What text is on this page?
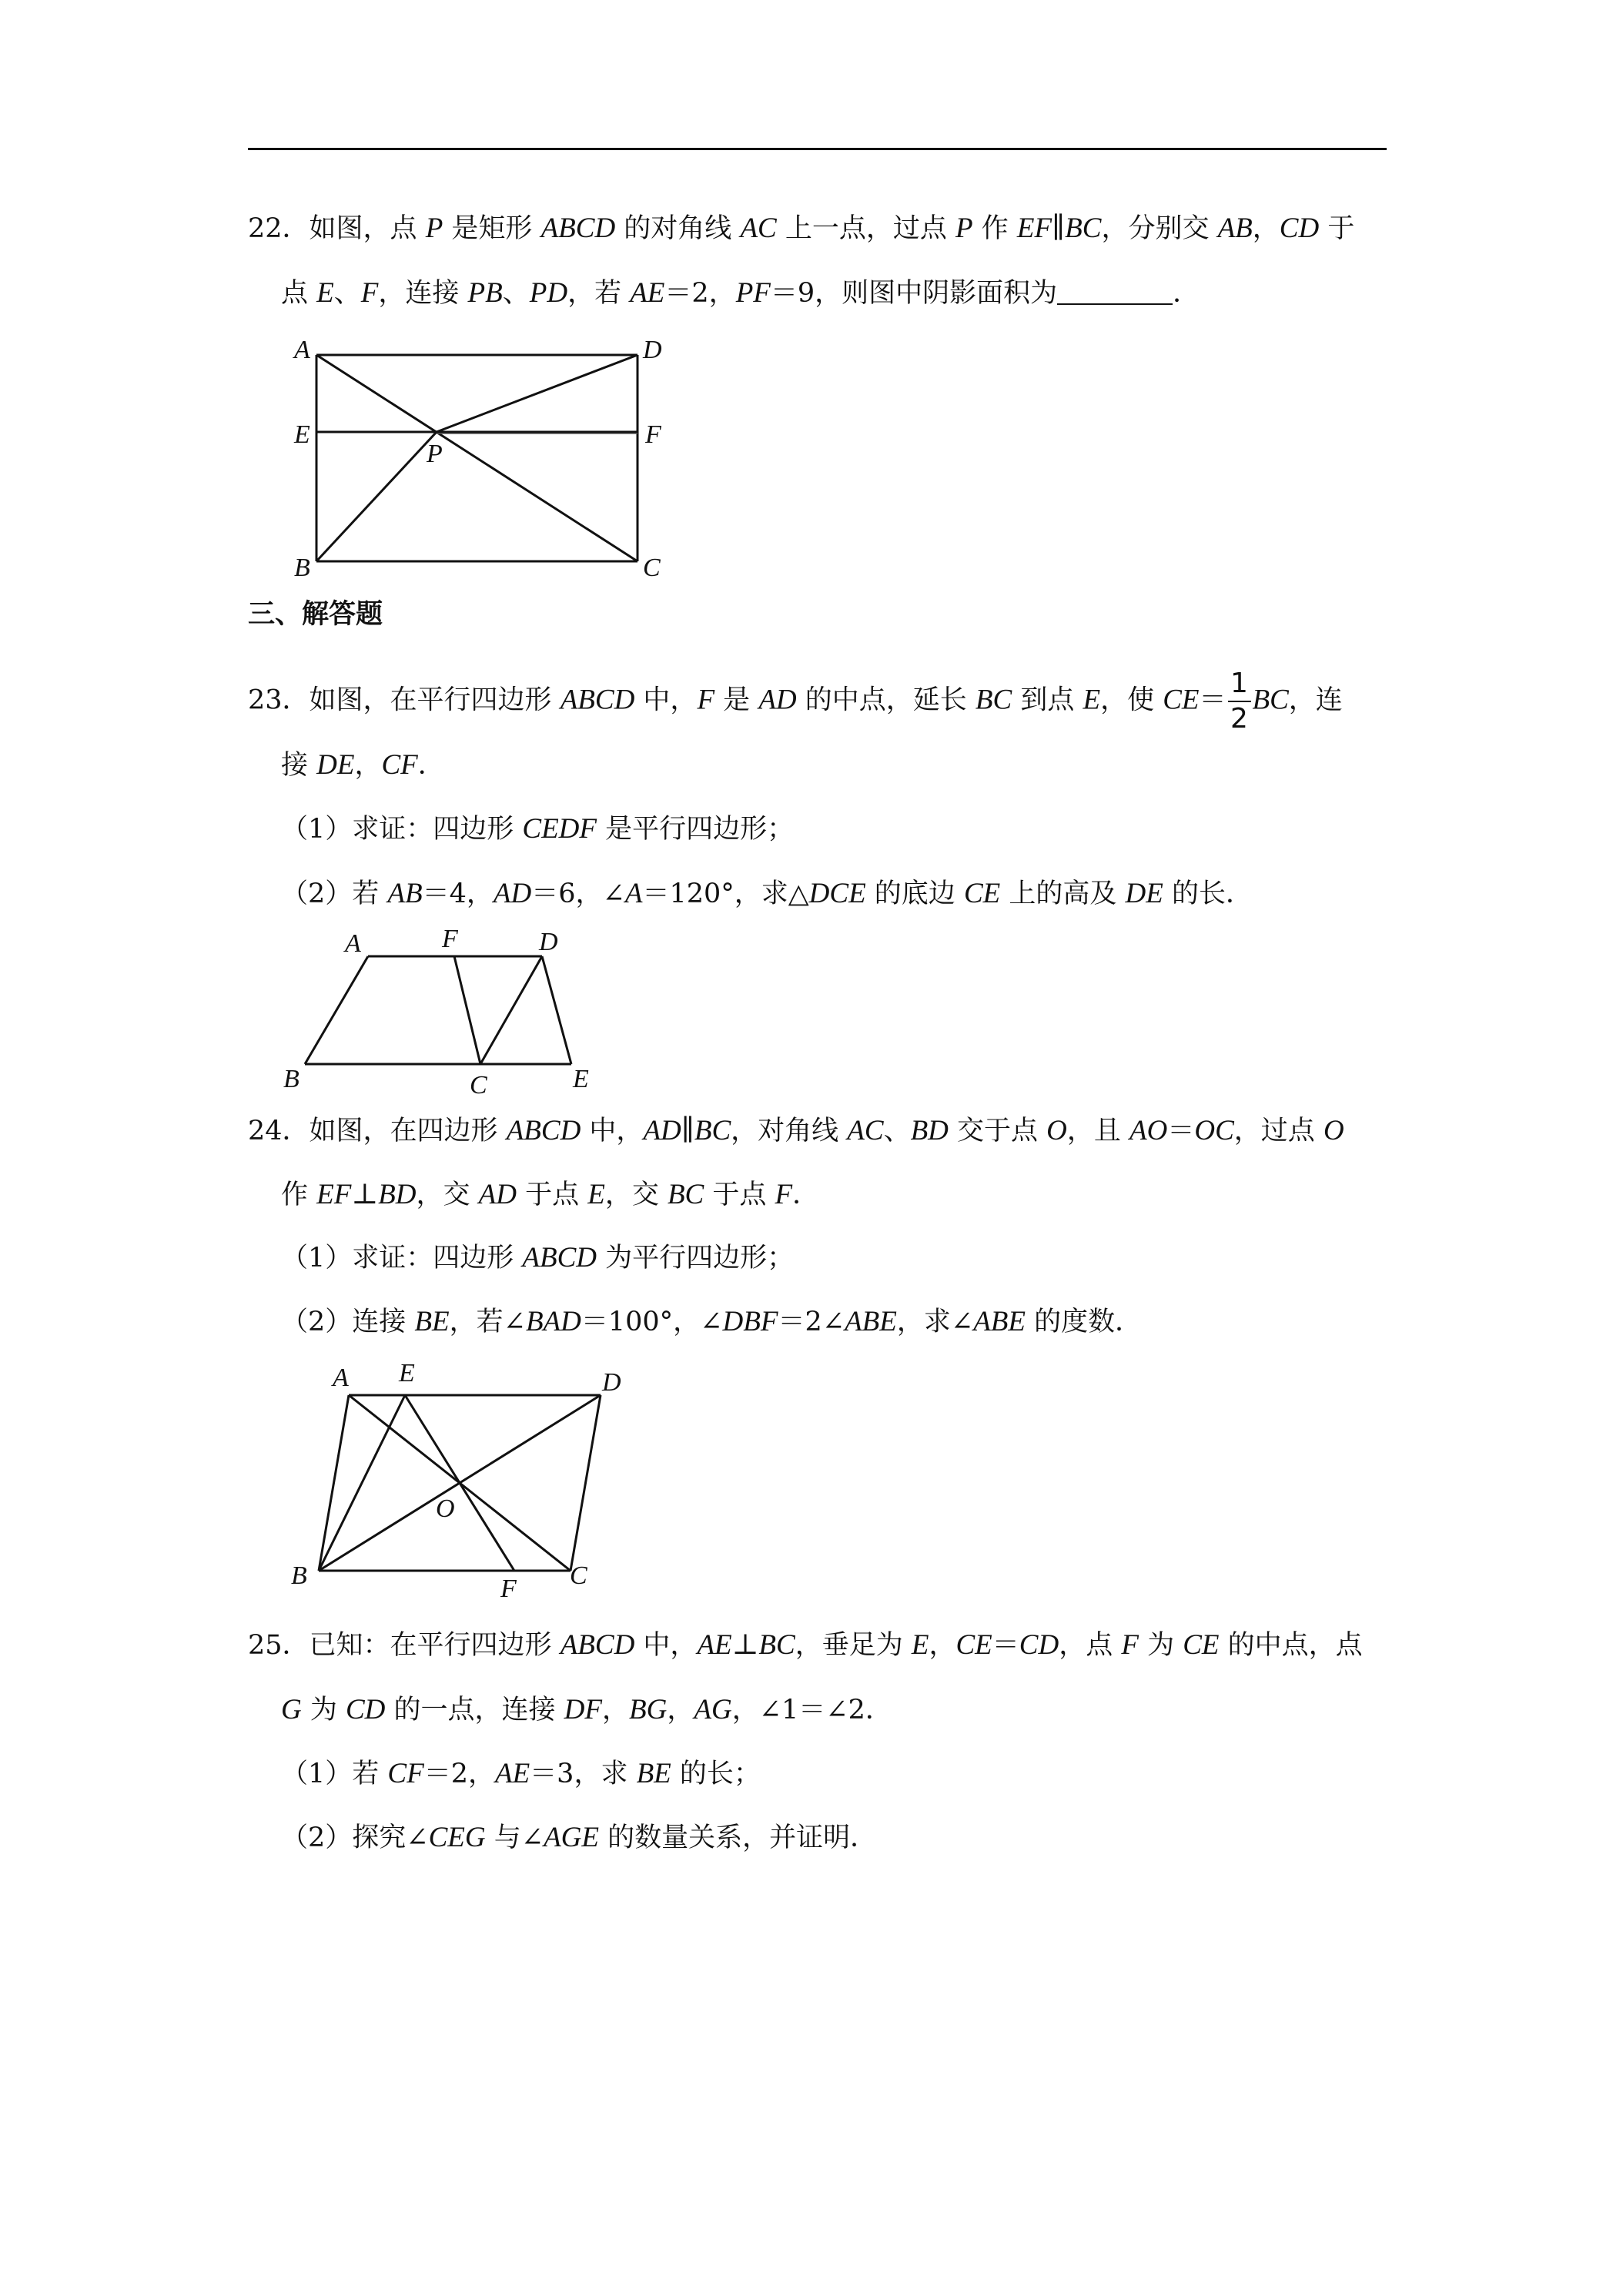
22．如图，点 P 是矩形 ABCD 的对角线 AC 上一点，过点 P 作 EF∥BC，分别交 AB，CD 于
点 E、F，连接 PB、PD，若 AE＝2，PF＝9，则图中阴影面积为	．
A	D
E	F
P
B	C
三、解答题
23．如图，在平行四边形 ABCD 中，F 是 AD 的中点，延长 BC 到点 E，使 $CE= \frac{1}{2}$ BC，连
接 DE，CF．
（1）求证：四边形 CEDF 是平行四边形；
（2）若 AB＝4，AD＝6，∠A＝120°，求△DCE 的底边 CE 上的高及 DE 的长．
A	F	D
B	C	E
24．如图，在四边形 ABCD 中，AD∥BC，对角线 AC、BD 交于点 O，且 AO＝OC，过点 O
作 EF⊥BD，交 AD 于点 E，交 BC 于点 F．
（1）求证：四边形 ABCD 为平行四边形；
（2）连接 BE，若∠BAD＝100°，∠DBF＝2∠ABE，求∠ABE 的度数．
A E	D
O
B	F C
25．已知：在平行四边形 ABCD 中，AE⊥BC，垂足为 E，CE＝CD，点 F 为 CE 的中点，点
G 为 CD 的一点，连接 DF，BG，AG，∠1＝∠2．
（1）若 CF＝2，AE＝3，求 BE 的长；
（2）探究∠CEG 与∠AGE 的数量关系，并证明．
